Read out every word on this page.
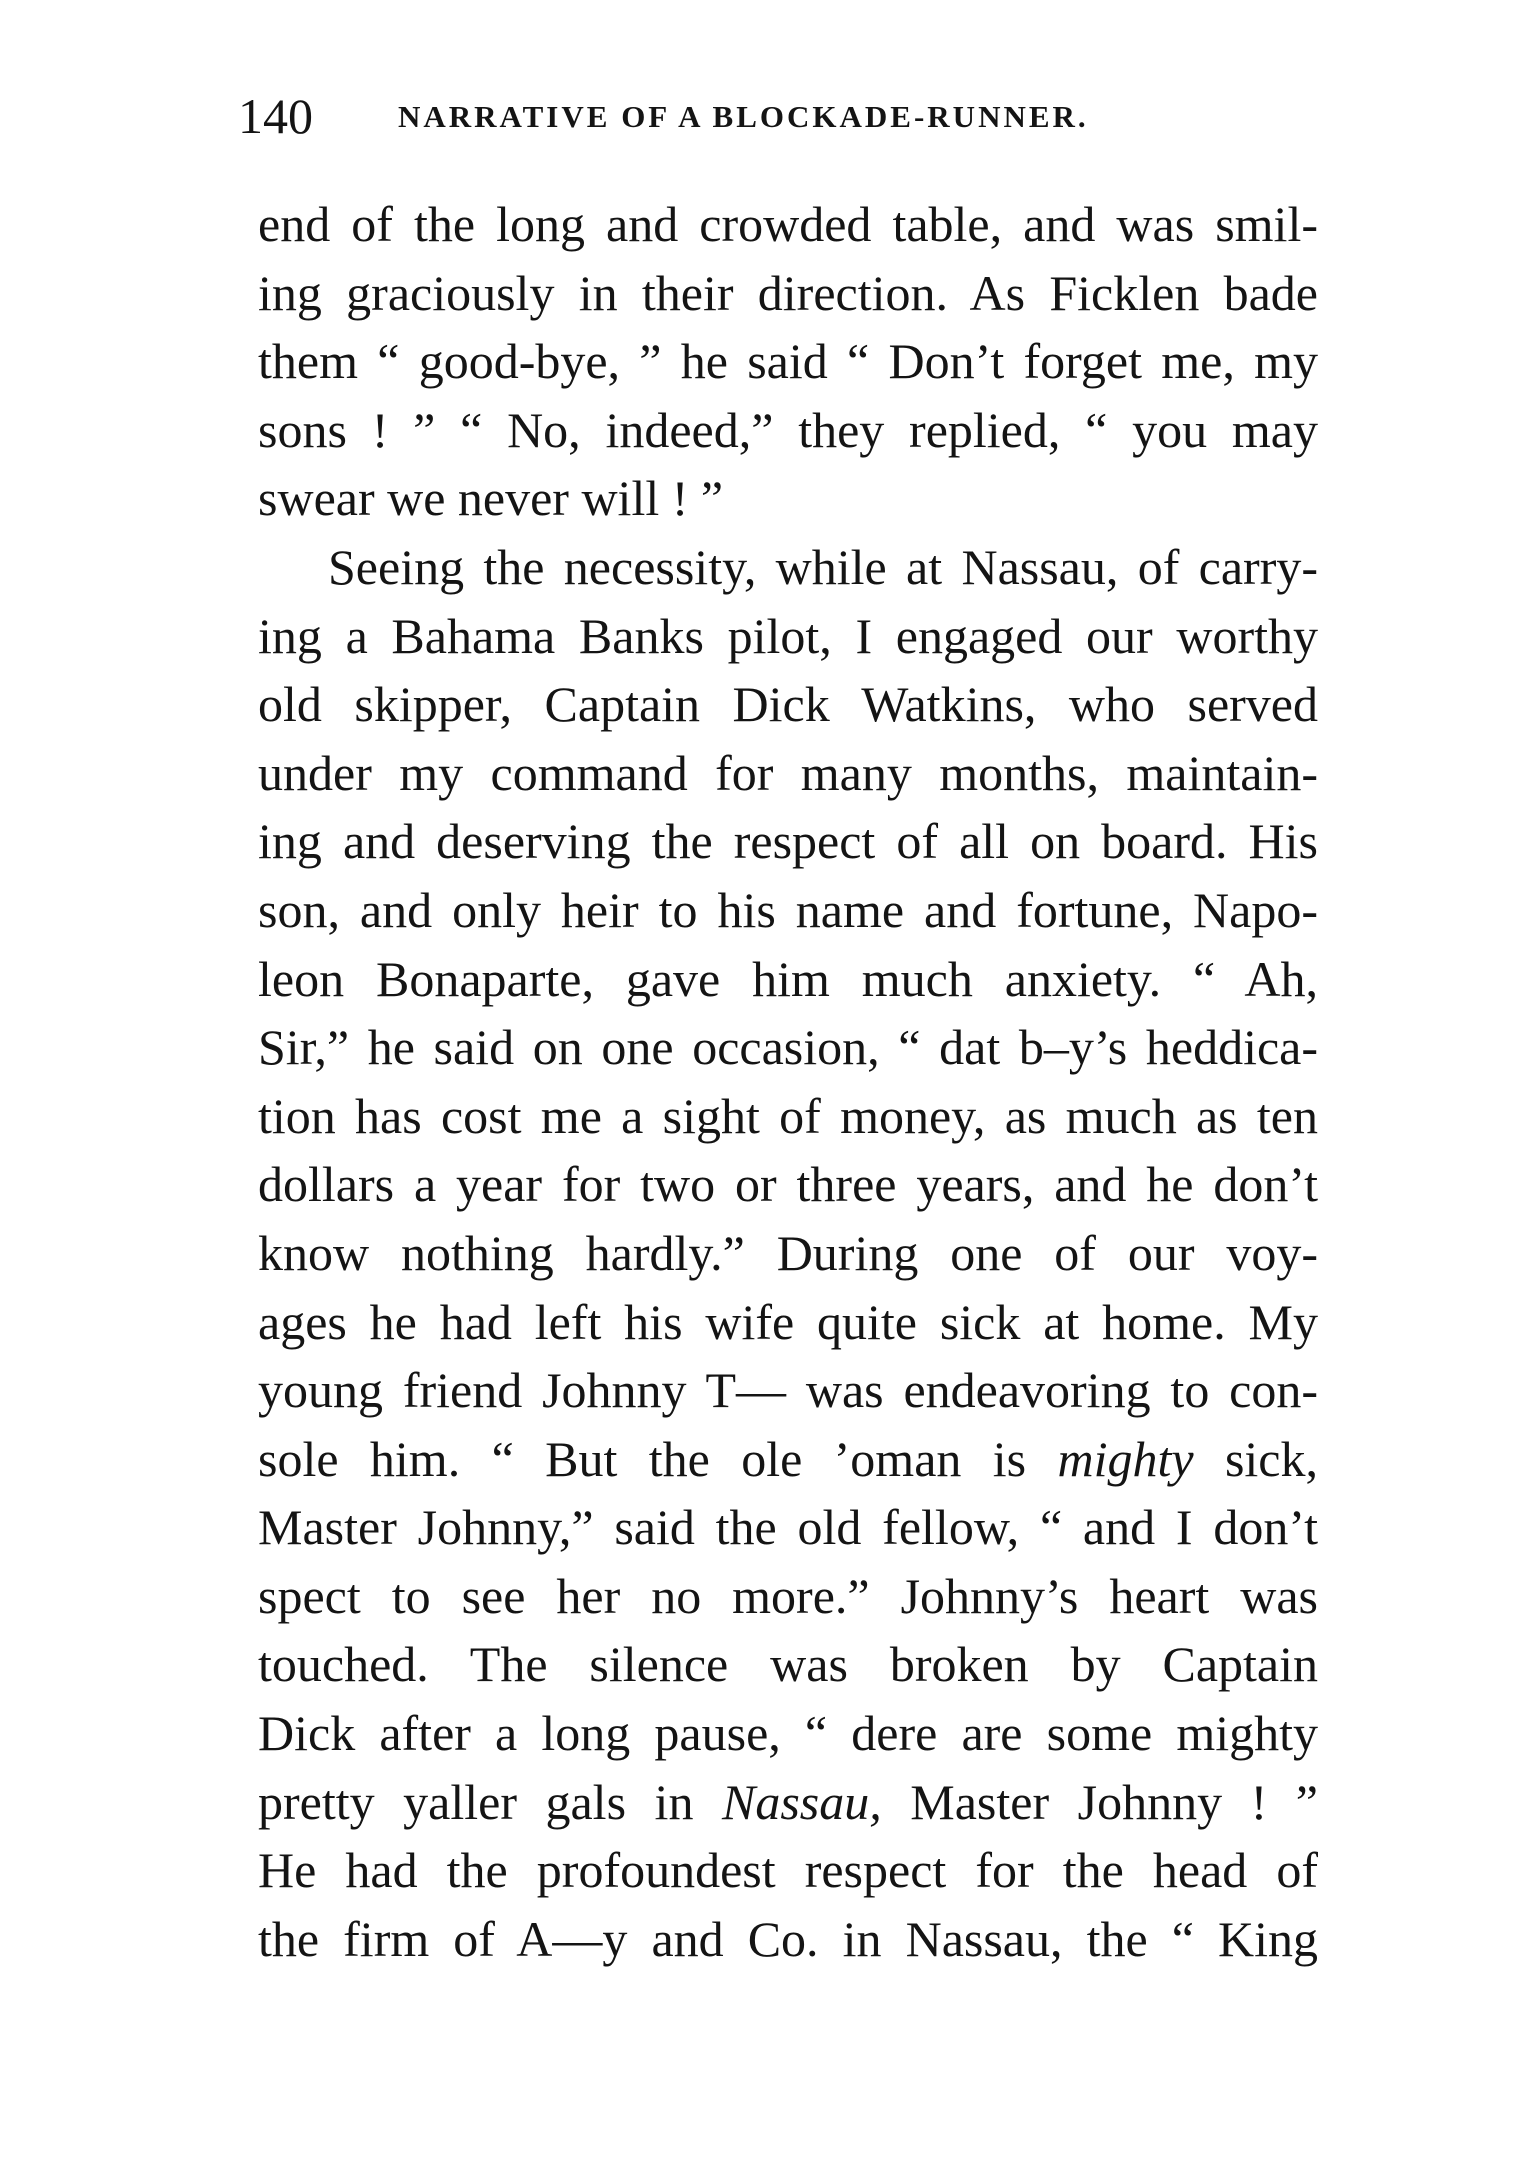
140	NARRATIVE OF A BLOCKADE-RUNNER.
end of the long and crowded table, and was smil-
ing graciously in their direction. As Ficklen bade
them “ good-bye, ” he said “ Don’t forget me, my
sons ! ” “ No, indeed,” they replied, “ you may
swear we never will ! ”
Seeing the necessity, while at Nassau, of carry-
ing a Bahama Banks pilot, I engaged our worthy
old skipper, Captain Dick Watkins, who served
under my command for many months, maintain-
ing and deserving the respect of all on board. His
son, and only heir to his name and fortune, Napo-
leon Bonaparte, gave him much anxiety. “ Ah,
Sir,” he said on one occasion, “ dat b–y’s heddica-
tion has cost me a sight of money, as much as ten
dollars a year for two or three years, and he don’t
know nothing hardly.” During one of our voy-
ages he had left his wife quite sick at home. My
young friend Johnny T— was endeavoring to con-
sole him. “ But the ole ’oman is mighty sick,
Master Johnny,” said the old fellow, “ and I don’t
spect to see her no more.” Johnny’s heart was
touched. The silence was broken by Captain
Dick after a long pause, “ dere are some mighty
pretty yaller gals in Nassau, Master Johnny ! ”
He had the profoundest respect for the head of
the firm of A—y and Co. in Nassau, the “ King
